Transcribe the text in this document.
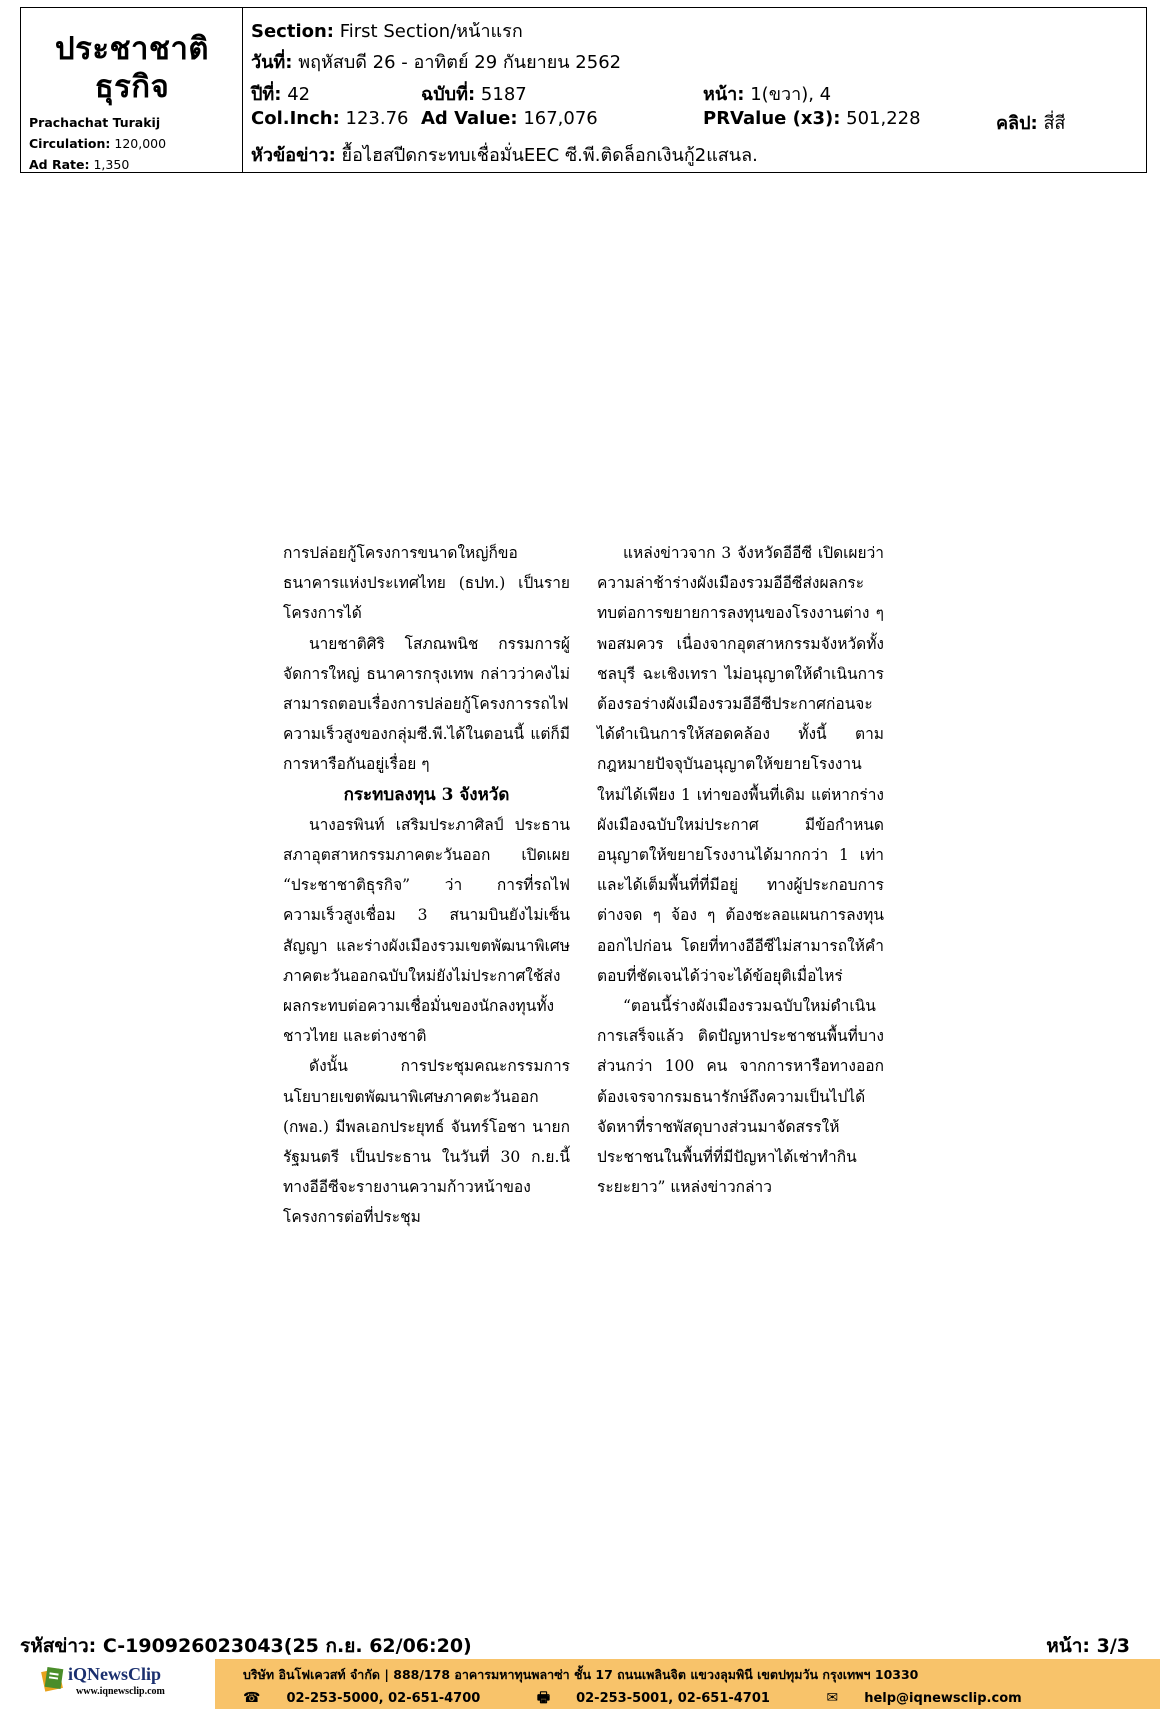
ประชาชาติ
ธุรกิจ
Prachachat Turakij
Circulation: 120,000
Ad Rate: 1,350
Section: First Section/หน้าแรก
วันที่: พฤหัสบดี 26 - อาทิตย์ 29 กันยายน 2562
ปีที่: 42	ฉบับที่: 5187	หน้า: 1(ขวา), 4
Col.Inch: 123.76 Ad Value: 167,076	PRValue (x3): 501,228	คลิป: สี่สี
หัวข้อข่าว: ยื้อไฮสปีดกระทบเชื่อมั่นEEC ซี.พี.ติดล็อกเงินกู้2แสนล.

การปล่อยกู้โครงการขนาดใหญ่ก็ขอธนาคารแห่งประเทศไทย (ธปท.) เป็นรายโครงการได้

นายชาติศิริ โสภณพนิช กรรมการผู้จัดการใหญ่ ธนาคารกรุงเทพ กล่าวว่าคงไม่สามารถตอบเรื่องการปล่อยกู้โครงการรถไฟความเร็วสูงของกลุ่มซี.พี.ได้ในตอนนี้ แต่ก็มีการหารือกันอยู่เรื่อย ๆ

กระทบลงทุน 3 จังหวัด

นางอรพินท์ เสริมประภาศิลป์ ประธานสภาอุตสาหกรรมภาคตะวันออก เปิดเผย “ประชาชาติธุรกิจ” ว่า การที่รถไฟความเร็วสูงเชื่อม 3 สนามบินยังไม่เซ็นสัญญา และร่างผังเมืองรวมเขตพัฒนาพิเศษภาคตะวันออกฉบับใหม่ยังไม่ประกาศใช้ส่งผลกระทบต่อความเชื่อมั่นของนักลงทุนทั้งชาวไทย และต่างชาติ

ดังนั้น การประชุมคณะกรรมการนโยบายเขตพัฒนาพิเศษภาคตะวันออก (กพอ.) มีพลเอกประยุทธ์ จันทร์โอชา นายกรัฐมนตรี เป็นประธาน ในวันที่ 30 ก.ย.นี้ ทางอีอีซีจะรายงานความก้าวหน้าของโครงการต่อที่ประชุม

แหล่งข่าวจาก 3 จังหวัดอีอีซี เปิดเผยว่า ความล่าช้าร่างผังเมืองรวมอีอีซีส่งผลกระทบต่อการขยายการลงทุนของโรงงานต่าง ๆ พอสมควร เนื่องจากอุตสาหกรรมจังหวัดทั้งชลบุรี ฉะเชิงเทรา ไม่อนุญาตให้ดำเนินการ ต้องรอร่างผังเมืองรวมอีอีซีประกาศก่อนจะได้ดำเนินการให้สอดคล้อง ทั้งนี้ ตามกฎหมายปัจจุบันอนุญาตให้ขยายโรงงานใหม่ได้เพียง 1 เท่าของพื้นที่เดิม แต่หากร่างผังเมืองฉบับใหม่ประกาศ มีข้อกำหนดอนุญาตให้ขยายโรงงานได้มากกว่า 1 เท่า และได้เต็มพื้นที่ที่มีอยู่ ทางผู้ประกอบการต่างจด ๆ จ้อง ๆ ต้องชะลอแผนการลงทุนออกไปก่อน โดยที่ทางอีอีซีไม่สามารถให้คำตอบที่ชัดเจนได้ว่าจะได้ข้อยุติเมื่อไหร่

“ตอนนี้ร่างผังเมืองรวมฉบับใหม่ดำเนินการเสร็จแล้ว ติดปัญหาประชาชนพื้นที่บางส่วนกว่า 100 คน จากการหารือทางออกต้องเจรจากรมธนารักษ์ถึงความเป็นไปได้จัดหาที่ราชพัสดุบางส่วนมาจัดสรรให้ประชาชนในพื้นที่ที่มีปัญหาได้เช่าทำกินระยะยาว” แหล่งข่าวกล่าว

รหัสข่าว: C-190926023043(25 ก.ย. 62/06:20)	หน้า: 3/3
iQNewsClip
www.iqnewsclip.com
บริษัท อินโฟเควสท์ จำกัด | 888/178 อาคารมหาทุนพลาซ่า ชั้น 17 ถนนเพลินจิต แขวงลุมพินี เขตปทุมวัน กรุงเทพฯ 10330
☎ 02-253-5000, 02-651-4700	🖶 02-253-5001, 02-651-4701	✉ help@iqnewsclip.com
